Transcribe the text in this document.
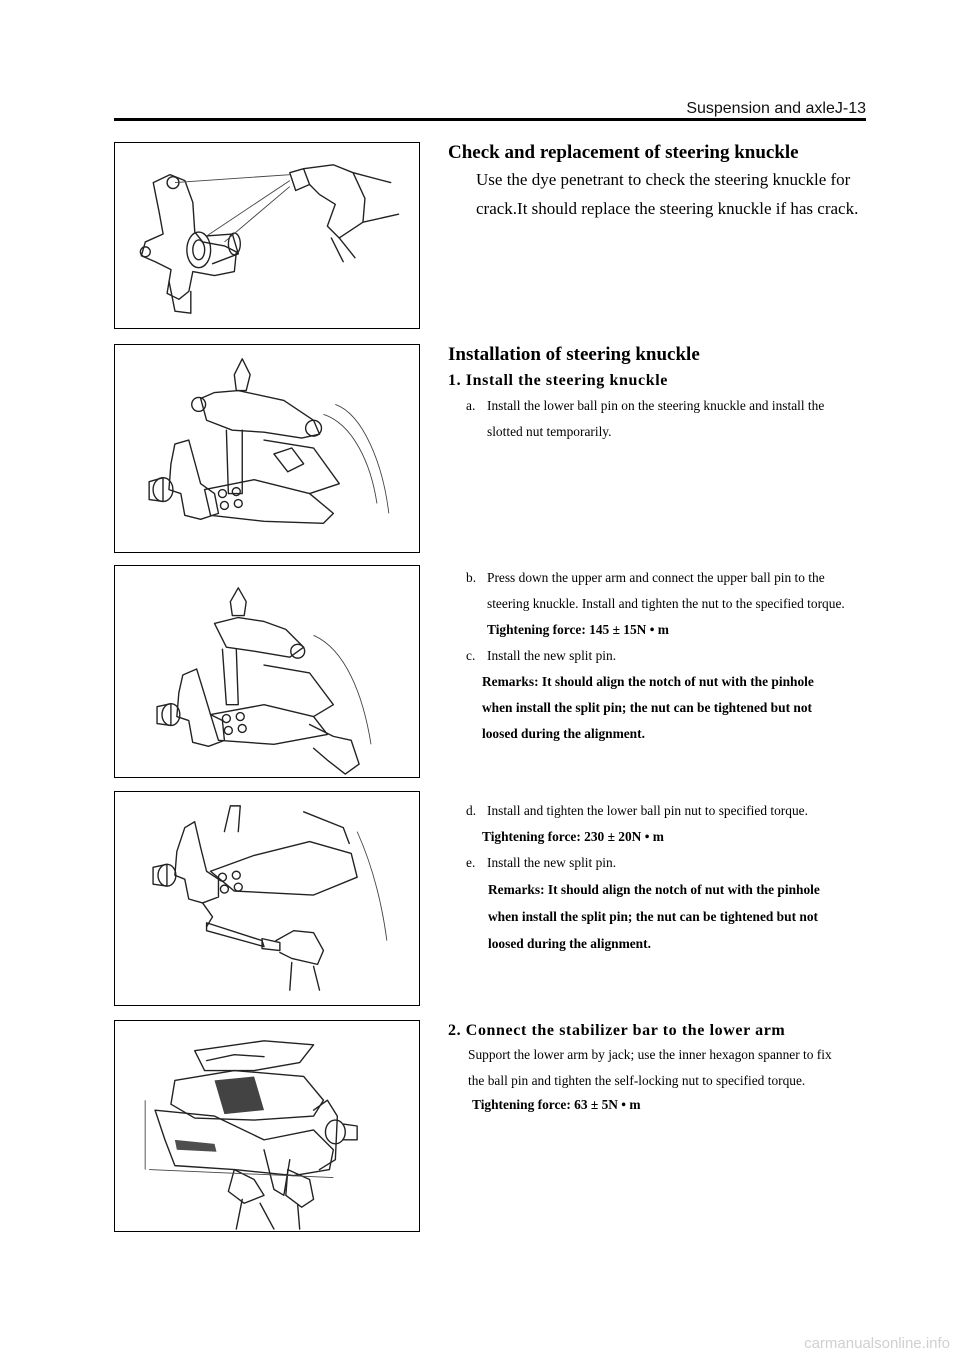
Suspension and axleJ-13

Check and replacement of steering knuckle

Use the dye penetrant to check the steering knuckle for

crack.It should replace the steering knuckle if has crack.

Installation of steering knuckle

1. Install the steering knuckle

a. Install the lower ball pin on the steering knuckle and install the

slotted nut temporarily.

b. Press down the upper arm and connect the upper ball pin to the

steering knuckle. Install and tighten the nut to the specified torque.

Tightening force: 145 ± 15N • m

c. Install the new split pin.

Remarks: It should align the notch of nut with the pinhole

when install the split pin; the nut can be tightened but not

loosed during the alignment.

d. Install and tighten the lower ball pin nut to specified torque.

Tightening force: 230 ± 20N • m

e. Install the new split pin.

Remarks: It should align the notch of nut with the pinhole

when install the split pin; the nut can be tightened but not

loosed during the alignment.

2. Connect the stabilizer bar to the lower arm

Support the lower arm by jack; use the inner hexagon spanner to fix

the ball pin and tighten the self-locking nut to specified torque.

Tightening force: 63 ± 5N • m

carmanualsonline.info
